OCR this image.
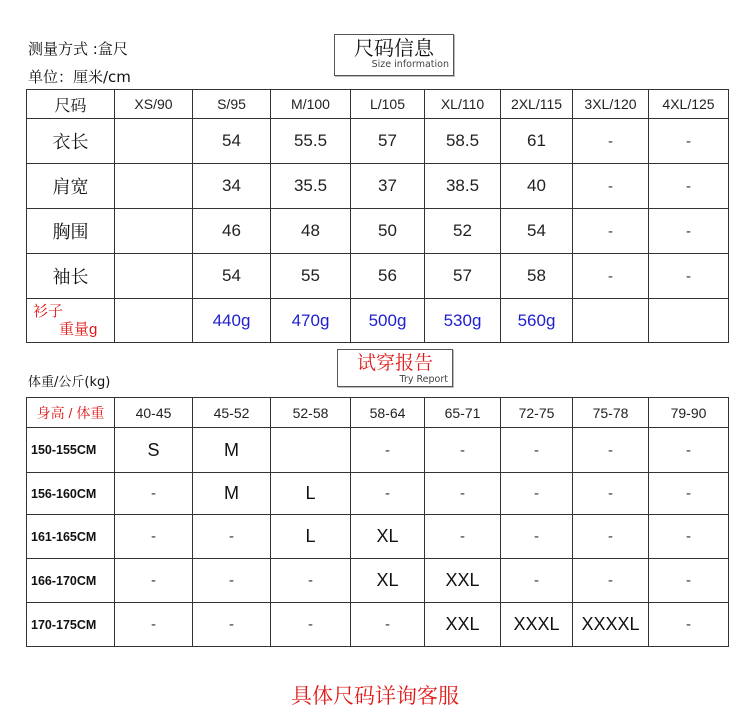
测量方式 :盒尺
单位：厘米/cm
尺码信息
Size information
尺码	XS/90	S/95	M/100	L/105	XL/110	2XL/115	3XL/120	4XL/125
衣长		54	55.5	57	58.5	61	-	-
肩宽		34	35.5	37	38.5	40	-	-
胸围		46	48	50	52	54	-	-
袖长		54	55	56	57	58	-	-

衫子
重量g		440g	470g	500g	530g	560g		
试穿报告
Try Report
体重/公斤(kg)
身高 / 体重	40-45	45-52	52-58	58-64	65-71	72-75	75-78	79-90
150-155CM	S	M		-	-	-	-	-
156-160CM	-	M	L	-	-	-	-	-
161-165CM	-	-	L	XL	-	-	-	-
166-170CM	-	-	-	XL	XXL	-	-	-
170-175CM	-	-	-	-	XXL	XXXL	XXXXL	-
具体尺码详询客服
